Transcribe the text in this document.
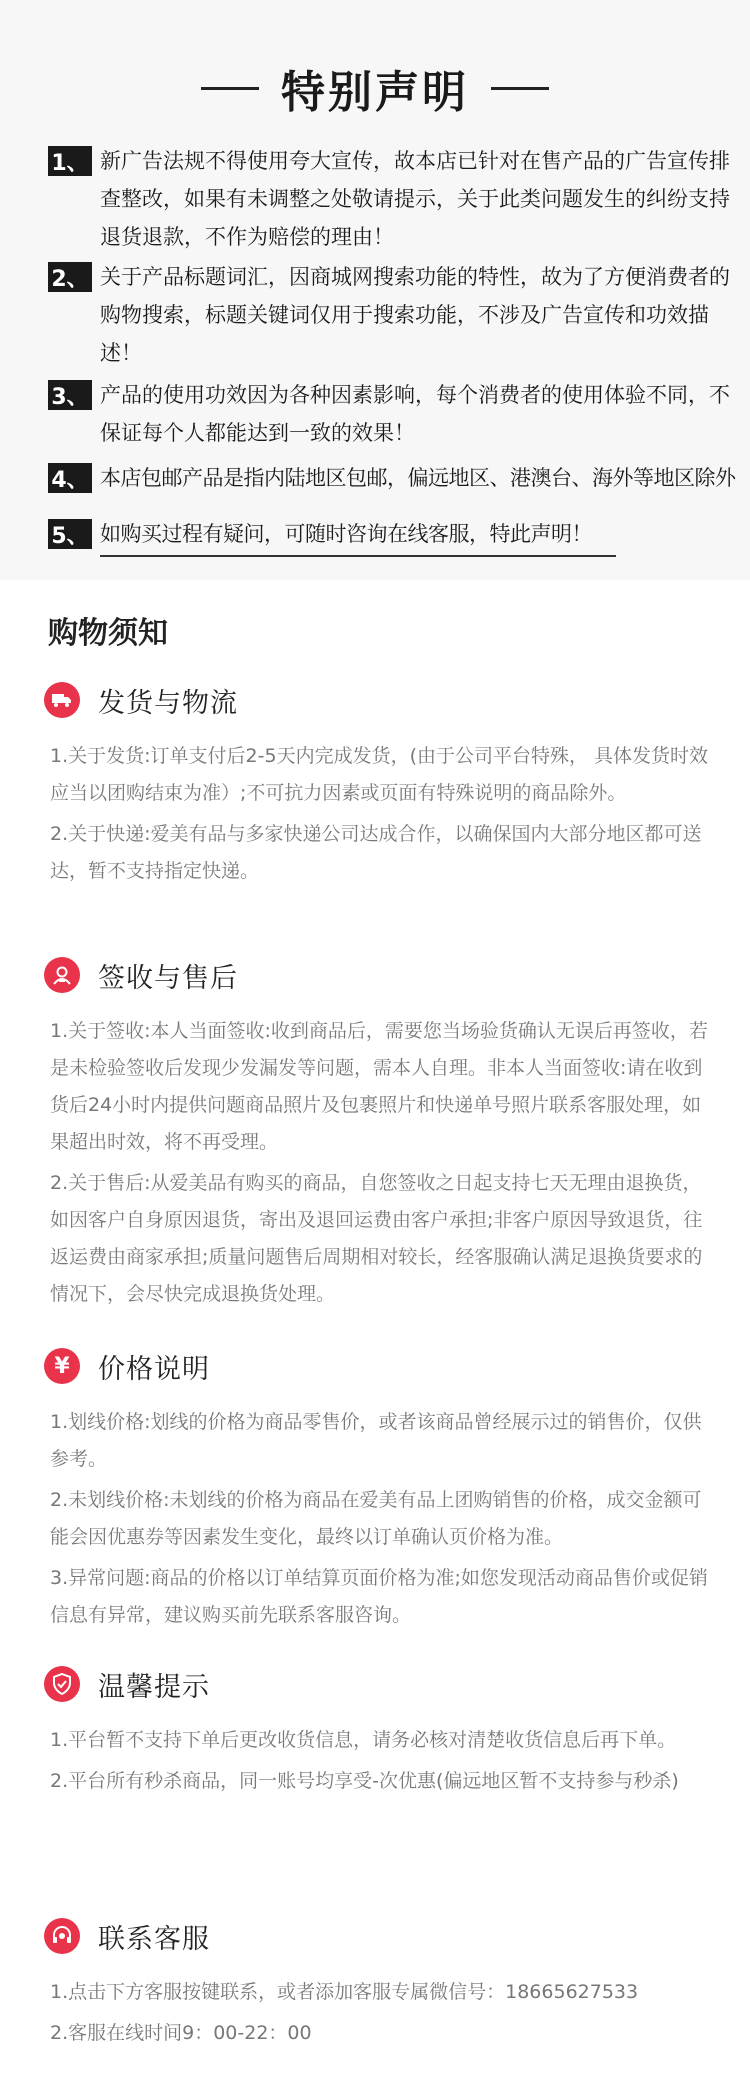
特别声明
1、 新广告法规不得使用夸大宣传，故本店已针对在售产品的广告宣传排查整改，如果有未调整之处敬请提示，关于此类问题发生的纠纷支持退货退款，不作为赔偿的理由！
2、 关于产品标题词汇，因商城网搜索功能的特性，故为了方便消费者的购物搜索，标题关键词仅用于搜索功能，不涉及广告宣传和功效描述！
3、 产品的使用功效因为各种因素影响，每个消费者的使用体验不同，不保证每个人都能达到一致的效果！
4、 本店包邮产品是指内陆地区包邮，偏远地区、港澳台、海外等地区除外
5、 如购买过程有疑问，可随时咨询在线客服，特此声明！
购物须知
发货与物流

1.关于发货:订单支付后2-5天内完成发货，(由于公司平台特殊， 具体发货时效应当以团购结束为准）;不可抗力因素或页面有特殊说明的商品除外。

2.关于快递:爱美有品与多家快递公司达成合作，以确保国内大部分地区都可送达，暂不支持指定快递。

签收与售后

1.关于签收:本人当面签收:收到商品后，需要您当场验货确认无误后再签收，若是未检验签收后发现少发漏发等问题，需本人自理。非本人当面签收:请在收到货后24小时内提供问题商品照片及包裹照片和快递单号照片联系客服处理，如果超出时效，将不再受理。

2.关于售后:从爱美品有购买的商品，自您签收之日起支持七天无理由退换货，如因客户自身原因退货，寄出及退回运费由客户承担;非客户原因导致退货，往返运费由商家承担;质量问题售后周期相对较长，经客服确认满足退换货要求的情况下，会尽快完成退换货处理。

¥ 价格说明

1.划线价格:划线的价格为商品零售价，或者该商品曾经展示过的销售价，仅供参考。

2.未划线价格:未划线的价格为商品在爱美有品上团购销售的价格，成交金额可能会因优惠券等因素发生变化，最终以订单确认页价格为准。

3.异常问题:商品的价格以订单结算页面价格为准;如您发现活动商品售价或促销信息有异常，建议购买前先联系客服咨询。

温馨提示

1.平台暂不支持下单后更改收货信息，请务必核对清楚收货信息后再下单。

2.平台所有秒杀商品，同一账号均享受-次优惠(偏远地区暂不支持参与秒杀)

联系客服

1.点击下方客服按键联系，或者添加客服专属微信号：18665627533

2.客服在线时间9：00-22：00
